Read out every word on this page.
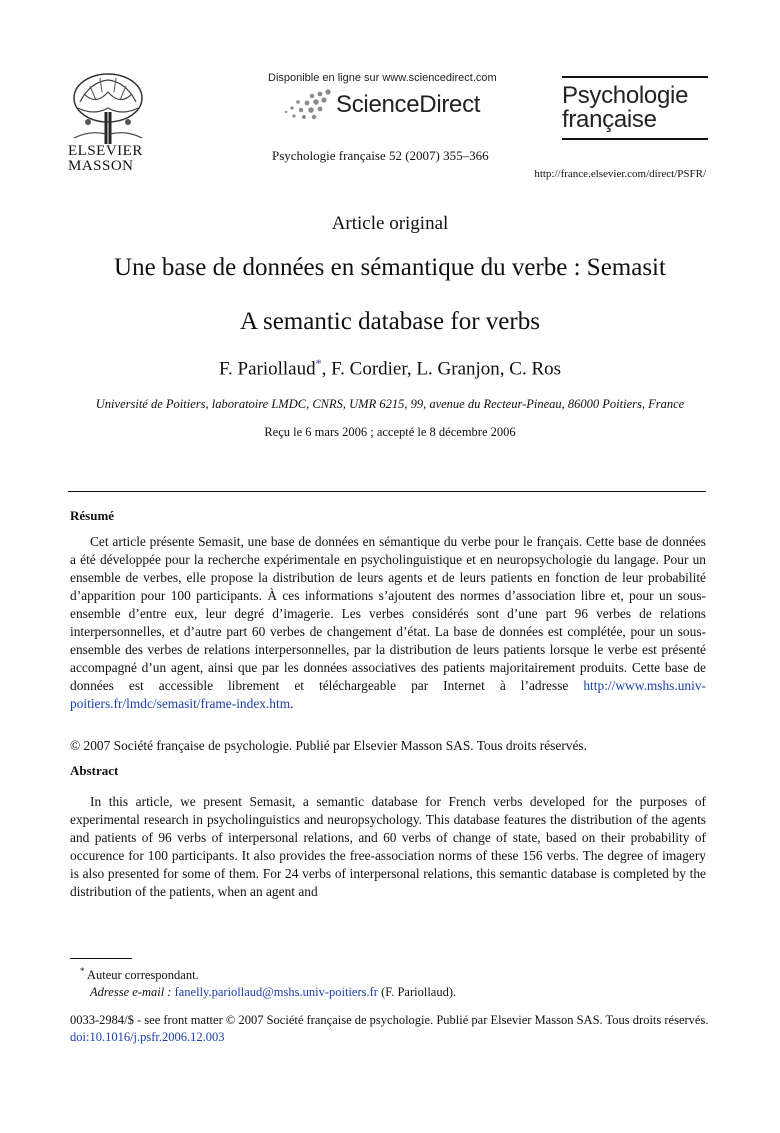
ELSEVIER
MASSON
Disponible en ligne sur www.sciencedirect.com
ScienceDirect
Psychologie française 52 (2007) 355–366
Psychologie
française
http://france.elsevier.com/direct/PSFR/
Article original
Une base de données en sémantique du verbe : Semasit
A semantic database for verbs
F. Pariollaud*, F. Cordier, L. Granjon, C. Ros
Université de Poitiers, laboratoire LMDC, CNRS, UMR 6215, 99, avenue du Recteur-Pineau, 86000 Poitiers, France
Reçu le 6 mars 2006 ; accepté le 8 décembre 2006
Résumé

Cet article présente Semasit, une base de données en sémantique du verbe pour le français. Cette base de données a été développée pour la recherche expérimentale en psycholinguistique et en neuropsychologie du langage. Pour un ensemble de verbes, elle propose la distribution de leurs agents et de leurs patients en fonction de leur probabilité d’apparition pour 100 participants. À ces informations s’ajoutent des normes d’association libre et, pour un sous-ensemble d’entre eux, leur degré d’imagerie. Les verbes considérés sont d’une part 96 verbes de relations interpersonnelles, et d’autre part 60 verbes de changement d’état. La base de données est complétée, pour un sous-ensemble des verbes de relations interpersonnelles, par la distribution de leurs patients lorsque le verbe est présenté accompagné d’un agent, ainsi que par les données associatives des patients majoritairement produits. Cette base de données est accessible librement et téléchargeable par Internet à l’adresse http://www.mshs.univ-poitiers.fr/lmdc/semasit/frame-index.htm.

© 2007 Société française de psychologie. Publié par Elsevier Masson SAS. Tous droits réservés.
Abstract

In this article, we present Semasit, a semantic database for French verbs developed for the purposes of experimental research in psycholinguistics and neuropsychology. This database features the distribution of the agents and patients of 96 verbs of interpersonal relations, and 60 verbs of change of state, based on their probability of occurence for 100 participants. It also provides the free-association norms of these 156 verbs. The degree of imagery is also presented for some of them. For 24 verbs of interpersonal relations, this semantic database is completed by the distribution of the patients, when an agent and

* Auteur correspondant.
Adresse e-mail : fanelly.pariollaud@mshs.univ-poitiers.fr (F. Pariollaud).
0033-2984/$ - see front matter © 2007 Société française de psychologie. Publié par Elsevier Masson SAS. Tous droits réservés.
doi:10.1016/j.psfr.2006.12.003
